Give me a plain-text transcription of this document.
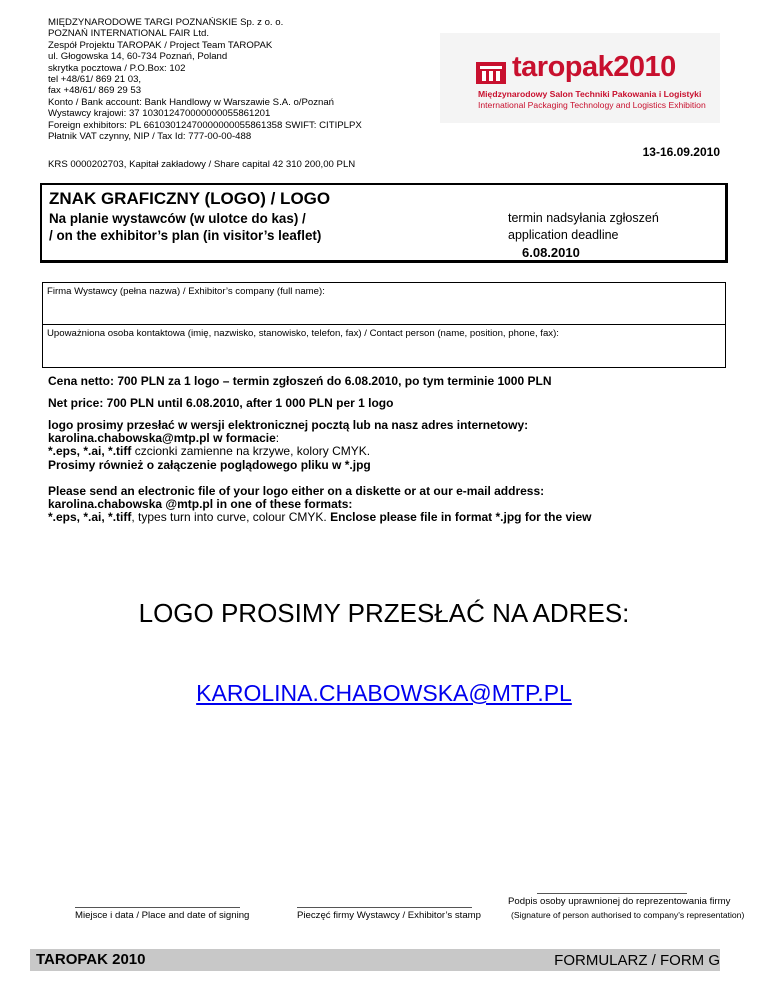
MIĘDZYNARODOWE TARGI POZNAŃSKIE Sp. z o. o.
POZNAŃ INTERNATIONAL FAIR Ltd.
Zespół Projektu TAROPAK / Project Team TAROPAK
ul. Głogowska 14, 60-734 Poznań, Poland
skrytka pocztowa / P.O.Box: 102
tel +48/61/ 869 21 03,
fax +48/61/ 869 29 53
Konto / Bank account: Bank Handlowy w Warszawie S.A. o/Poznań
Wystawcy krajowi: 37 103012470000000055861201
Foreign exhibitors: PL 66103012470000000055861358 SWIFT: CITIPLPX
Płatnik VAT czynny, NIP / Tax Id: 777-00-00-488
KRS 0000202703, Kapitał zakładowy / Share capital 42 310 200,00 PLN
taropak2010
Międzynarodowy Salon Techniki Pakowania i Logistyki
International Packaging Technology and Logistics Exhibition
13-16.09.2010
ZNAK GRAFICZNY (LOGO) / LOGO
Na planie wystawców (w ulotce do kas) /
/ on the exhibitor’s plan (in visitor’s leaflet)
termin nadsyłania zgłoszeń
application deadline
6.08.2010
Firma Wystawcy (pełna nazwa) / Exhibitor’s company (full name):
Upoważniona osoba kontaktowa (imię, nazwisko, stanowisko, telefon, fax) / Contact person (name, position, phone, fax):
Cena netto: 700 PLN za 1 logo – termin zgłoszeń do 6.08.2010, po tym terminie 1000 PLN
Net price: 700 PLN until 6.08.2010, after 1 000 PLN per 1 logo
logo prosimy przesłać w wersji elektronicznej pocztą lub na nasz adres internetowy:
karolina.chabowska@mtp.pl w formacie:
*.eps, *.ai, *.tiff czcionki zamienne na krzywe, kolory CMYK.
Prosimy również o załączenie poglądowego pliku w *.jpg
Please send an electronic file of your logo either on a diskette or at our e-mail address:
karolina.chabowska @mtp.pl in one of these formats:
*.eps, *.ai, *.tiff, types turn into curve, colour CMYK. Enclose please file in format *.jpg for the view
LOGO PROSIMY PRZESŁAĆ NA ADRES:
KAROLINA.CHABOWSKA@MTP.PL
Miejsce i data / Place and date of signing	Pieczęć firmy Wystawcy / Exhibitor’s stamp
Podpis osoby uprawnionej do reprezentowania firmy
(Signature of person authorised to company's representation)
TAROPAK 2010	FORMULARZ / FORM G
